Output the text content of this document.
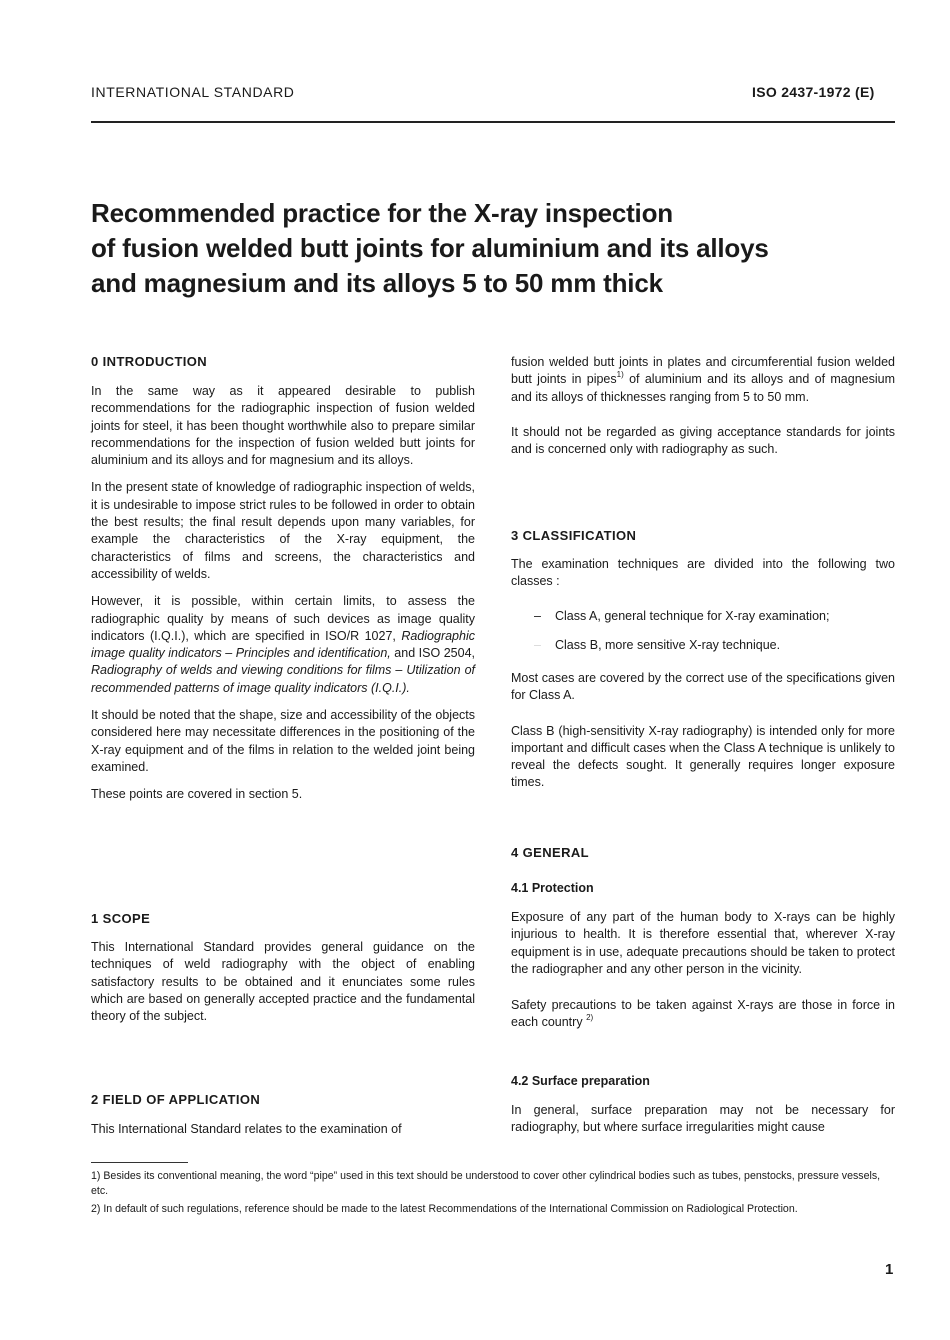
INTERNATIONAL STANDARD	ISO 2437-1972 (E)
Recommended practice for the X-ray inspection
of fusion welded butt joints for aluminium and its alloys
and magnesium and its alloys 5 to 50 mm thick
0 INTRODUCTION

In the same way as it appeared desirable to publish recommendations for the radiographic inspection of fusion welded joints for steel, it has been thought worthwhile also to prepare similar recommendations for the inspection of fusion welded butt joints for aluminium and its alloys and for magnesium and its alloys.

In the present state of knowledge of radiographic inspection of welds, it is undesirable to impose strict rules to be followed in order to obtain the best results; the final result depends upon many variables, for example the characteristics of the X-ray equipment, the characteristics of films and screens, the characteristics and accessibility of welds.

However, it is possible, within certain limits, to assess the radiographic quality by means of such devices as image quality indicators (I.Q.I.), which are specified in ISO/R 1027, Radiographic image quality indicators – Principles and identification, and ISO 2504, Radiography of welds and viewing conditions for films – Utilization of recommended patterns of image quality indicators (I.Q.I.).

It should be noted that the shape, size and accessibility of the objects considered here may necessitate differences in the positioning of the X-ray equipment and of the films in relation to the welded joint being examined.

These points are covered in section 5.

1 SCOPE

This International Standard provides general guidance on the techniques of weld radiography with the object of enabling satisfactory results to be obtained and it enunciates some rules which are based on generally accepted practice and the fundamental theory of the subject.

2 FIELD OF APPLICATION

This International Standard relates to the examination of

fusion welded butt joints in plates and circumferential fusion welded butt joints in pipes$^{1)}$ of aluminium and its alloys and of magnesium and its alloys of thicknesses ranging from 5 to 50 mm.

It should not be regarded as giving acceptance standards for joints and is concerned only with radiography as such.

3 CLASSIFICATION

The examination techniques are divided into the following two classes :

– Class A, general technique for X-ray examination;
– Class B, more sensitive X-ray technique.

Most cases are covered by the correct use of the specifications given for Class A.

Class B (high-sensitivity X-ray radiography) is intended only for more important and difficult cases when the Class A technique is unlikely to reveal the defects sought. It generally requires longer exposure times.

4 GENERAL
4.1 Protection

Exposure of any part of the human body to X-rays can be highly injurious to health. It is therefore essential that, wherever X-ray equipment is in use, adequate precautions should be taken to protect the radiographer and any other person in the vicinity.

Safety precautions to be taken against X-rays are those in force in each country $^{2)}$

4.2 Surface preparation

In general, surface preparation may not be necessary for radiography, but where surface irregularities might cause

1) Besides its conventional meaning, the word “pipe” used in this text should be understood to cover other cylindrical bodies such as tubes, penstocks, pressure vessels, etc.
2) In default of such regulations, reference should be made to the latest Recommendations of the International Commission on Radiological Protection.
1
